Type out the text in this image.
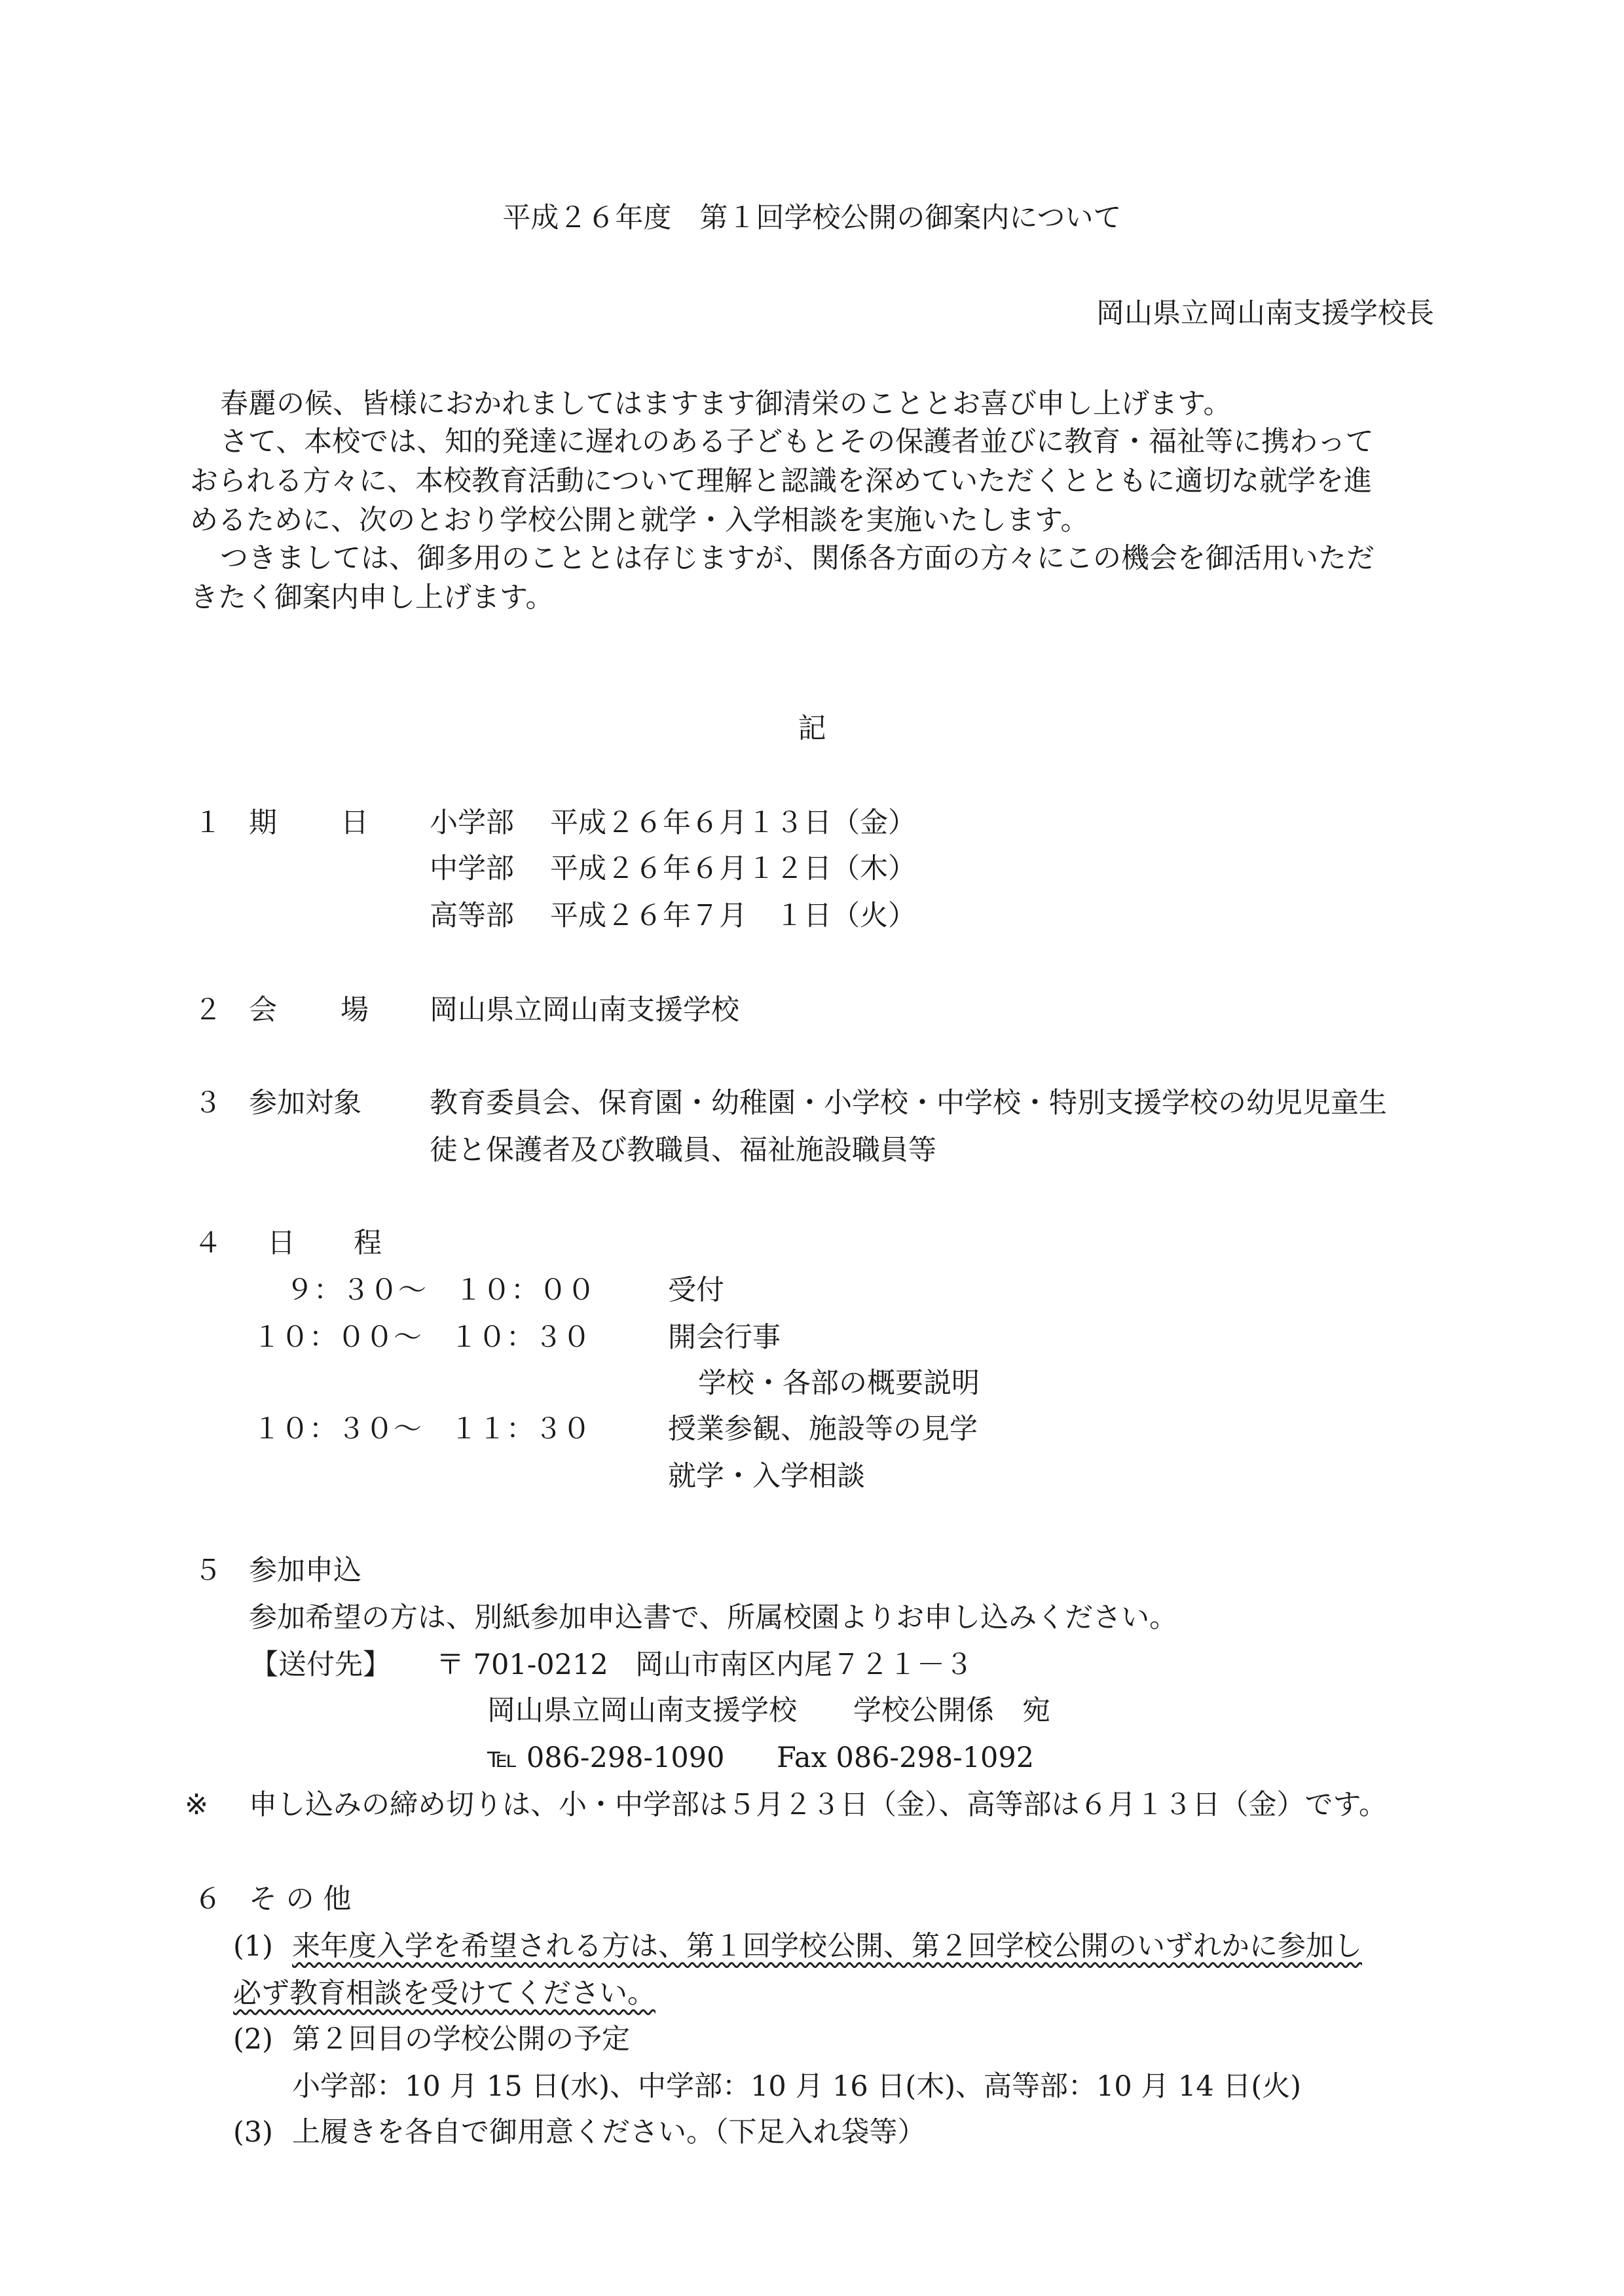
平成２６年度　第１回学校公開の御案内について
岡山県立岡山南支援学校長
春麗の候、皆様におかれましてはますます御清栄のこととお喜び申し上げます。
さて、本校では、知的発達に遅れのある子どもとその保護者並びに教育・福祉等に携わって
おられる方々に、本校教育活動について理解と認識を深めていただくとともに適切な就学を進
めるために、次のとおり学校公開と就学・入学相談を実施いたします。
つきましては、御多用のこととは存じますが、関係各方面の方々にこの機会を御活用いただ
きたく御案内申し上げます。
記
１ 期 日 小学部 平成２６年６月１３日（金）
中学部 平成２６年６月１２日（木）
高等部 平成２６年７月　１日（火）
２ 会 場 岡山県立岡山南支援学校
３ 参加対象 教育委員会、保育園・幼稚園・小学校・中学校・特別支援学校の幼児児童生
徒と保護者及び教職員、福祉施設職員等
４ 日 程
９：３０～　１０：００	受付
１０：００～　１０：３０	開会行事
学校・各部の概要説明
１０：３０～　１１：３０	授業参観、施設等の見学
就学・入学相談
５ 参加申込
参加希望の方は、別紙参加申込書で、所属校園よりお申し込みください。
【送付先】 〒 701-0212 岡山市南区内尾７２１－３
岡山県立岡山南支援学校　　学校公開係　宛
℡ 086-298-1090 Fax 086-298-1092
※ 申し込みの締め切りは、小・中学部は５月２３日（金）、高等部は６月１３日（金）です。
６ そ の 他
(1) 来年度入学を希望される方は、第１回学校公開、第２回学校公開のいずれかに参加し
必ず教育相談を受けてください。
(2) 第２回目の学校公開の予定
小学部：10 月 15 日(水)、中学部：10 月 16 日(木)、高等部：10 月 14 日(火)
(3) 上履きを各自で御用意ください。（下足入れ袋等）
